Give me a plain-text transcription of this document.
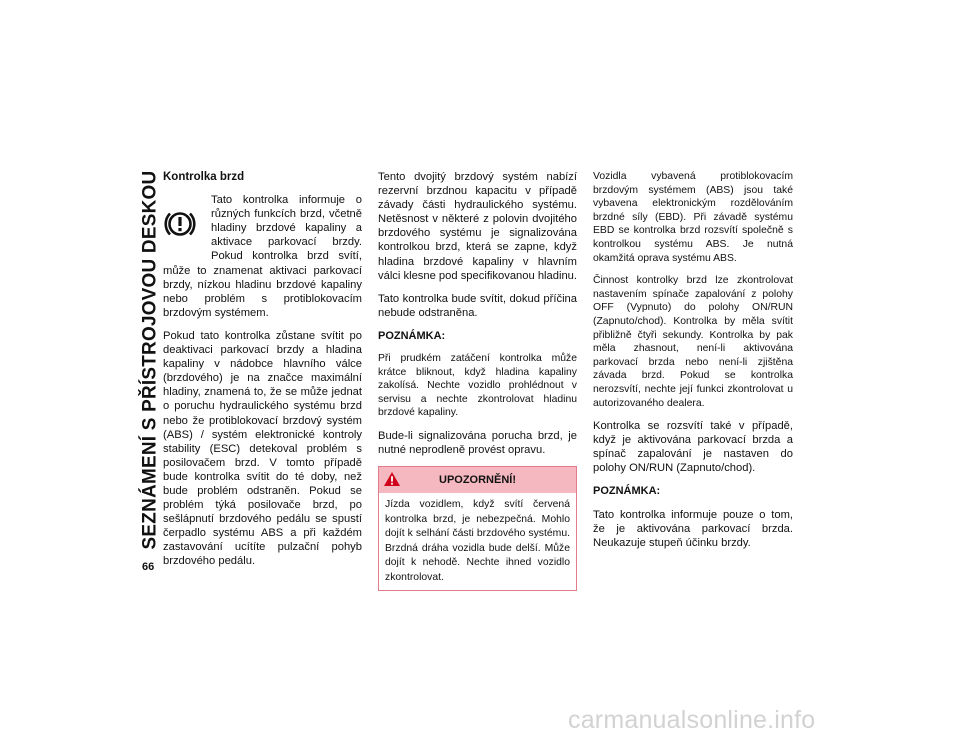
SEZNÁMENÍ S PŘÍSTROJOVOU DESKOU
66

Kontrolka brzd

Tato kontrolka informuje o různých funkcích brzd, včetně hladiny brzdové kapaliny a aktivace parkovací brzdy. Pokud kontrolka brzd svítí, může to znamenat aktivaci parkovací brzdy, nízkou hladinu brzdové kapaliny nebo problém s protiblokovacím brzdovým systémem.

Pokud tato kontrolka zůstane svítit po deaktivaci parkovací brzdy a hladina kapaliny v nádobce hlavního válce (brzdového) je na značce maximální hladiny, znamená to, že se může jednat o poruchu hydraulického systému brzd nebo že protiblokovací brzdový systém (ABS) / systém elektronické kontroly stability (ESC) detekoval problém s posilovačem brzd. V tomto případě bude kontrolka svítit do té doby, než bude problém odstraněn. Pokud se problém týká posilovače brzd, po sešlápnutí brzdového pedálu se spustí čerpadlo systému ABS a při každém zastavování ucítíte pulzační pohyb brzdového pedálu.

Tento dvojitý brzdový systém nabízí rezervní brzdnou kapacitu v případě závady části hydraulického systému. Netěsnost v některé z polovin dvojitého brzdového systému je signalizována kontrolkou brzd, která se zapne, když hladina brzdové kapaliny v hlavním válci klesne pod specifikovanou hladinu.

Tato kontrolka bude svítit, dokud příčina nebude odstraněna.

POZNÁMKA:

Při prudkém zatáčení kontrolka může krátce bliknout, když hladina kapaliny zakolísá. Nechte vozidlo prohlédnout v servisu a nechte zkontrolovat hladinu brzdové kapaliny.

Bude-li signalizována porucha brzd, je nutné neprodleně provést opravu.

UPOZORNĚNÍ!
Jízda vozidlem, když svítí červená kontrolka brzd, je nebezpečná. Mohlo dojít k selhání části brzdového systému. Brzdná dráha vozidla bude delší. Může dojít k nehodě. Nechte ihned vozidlo zkontrolovat.

Vozidla vybavená protiblokovacím brzdovým systémem (ABS) jsou také vybavena elektronickým rozdělováním brzdné síly (EBD). Při závadě systému EBD se kontrolka brzd rozsvítí společně s kontrolkou systému ABS. Je nutná okamžitá oprava systému ABS.

Činnost kontrolky brzd lze zkontrolovat nastavením spínače zapalování z polohy OFF (Vypnuto) do polohy ON/RUN (Zapnuto/chod). Kontrolka by měla svítit přibližně čtyři sekundy. Kontrolka by pak měla zhasnout, není-li aktivována parkovací brzda nebo není-li zjištěna závada brzd. Pokud se kontrolka nerozsvítí, nechte její funkci zkontrolovat u autorizovaného dealera.

Kontrolka se rozsvítí také v případě, když je aktivována parkovací brzda a spínač zapalování je nastaven do polohy ON/RUN (Zapnuto/chod).

POZNÁMKA:

Tato kontrolka informuje pouze o tom, že je aktivována parkovací brzda. Neukazuje stupeň účinku brzdy.

carmanualsonline.info
